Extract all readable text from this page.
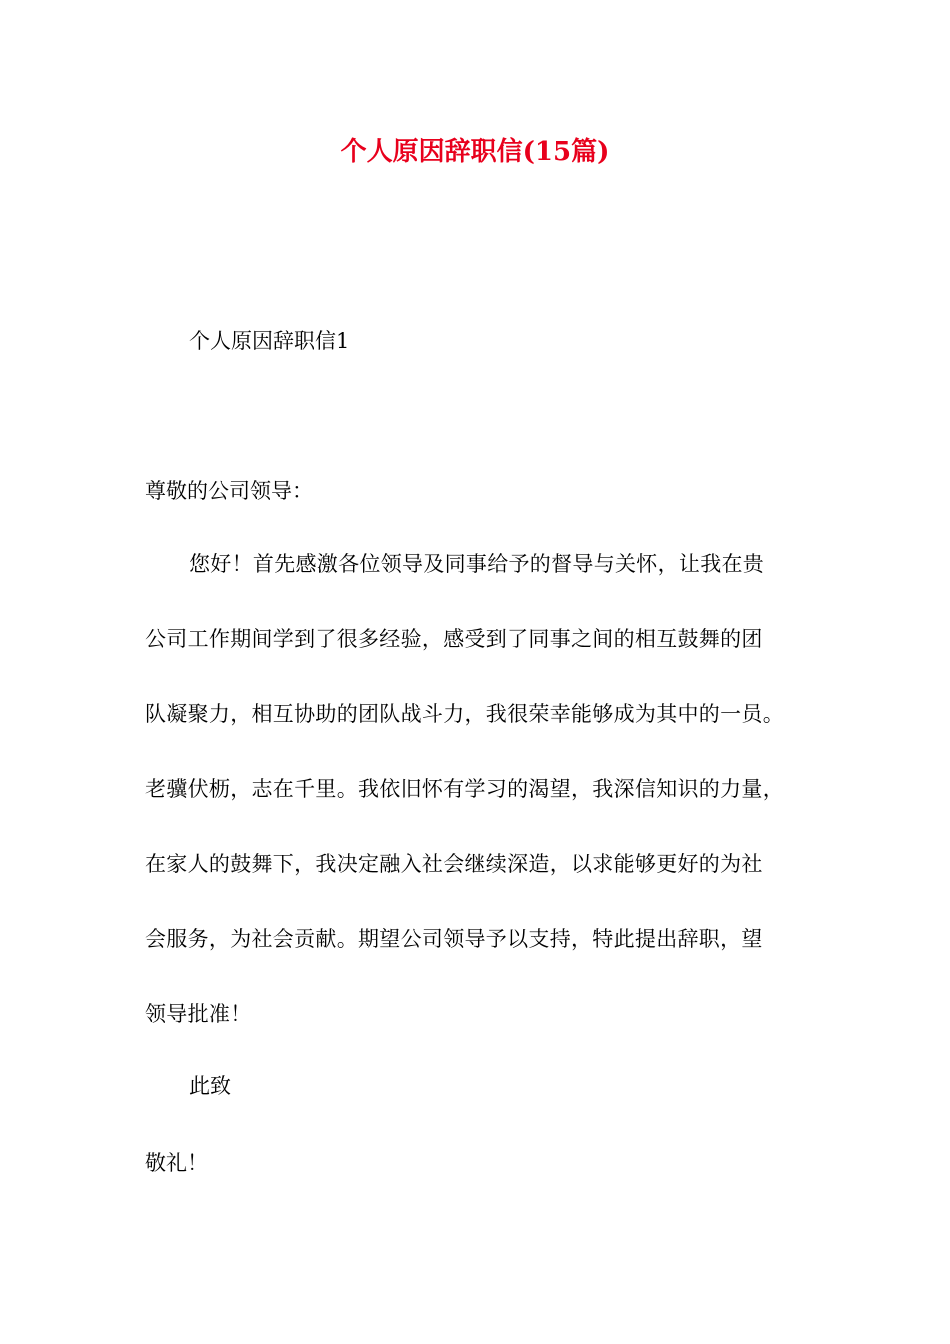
个人原因辞职信(15篇)

个人原因辞职信1

尊敬的公司领导：

您好！首先感激各位领导及同事给予的督导与关怀，让我在贵
公司工作期间学到了很多经验，感受到了同事之间的相互鼓舞的团
队凝聚力，相互协助的团队战斗力，我很荣幸能够成为其中的一员。
老骥伏枥，志在千里。我依旧怀有学习的渴望，我深信知识的力量，
在家人的鼓舞下，我决定融入社会继续深造，以求能够更好的为社
会服务，为社会贡献。期望公司领导予以支持，特此提出辞职，望
领导批准！

此致

敬礼！
